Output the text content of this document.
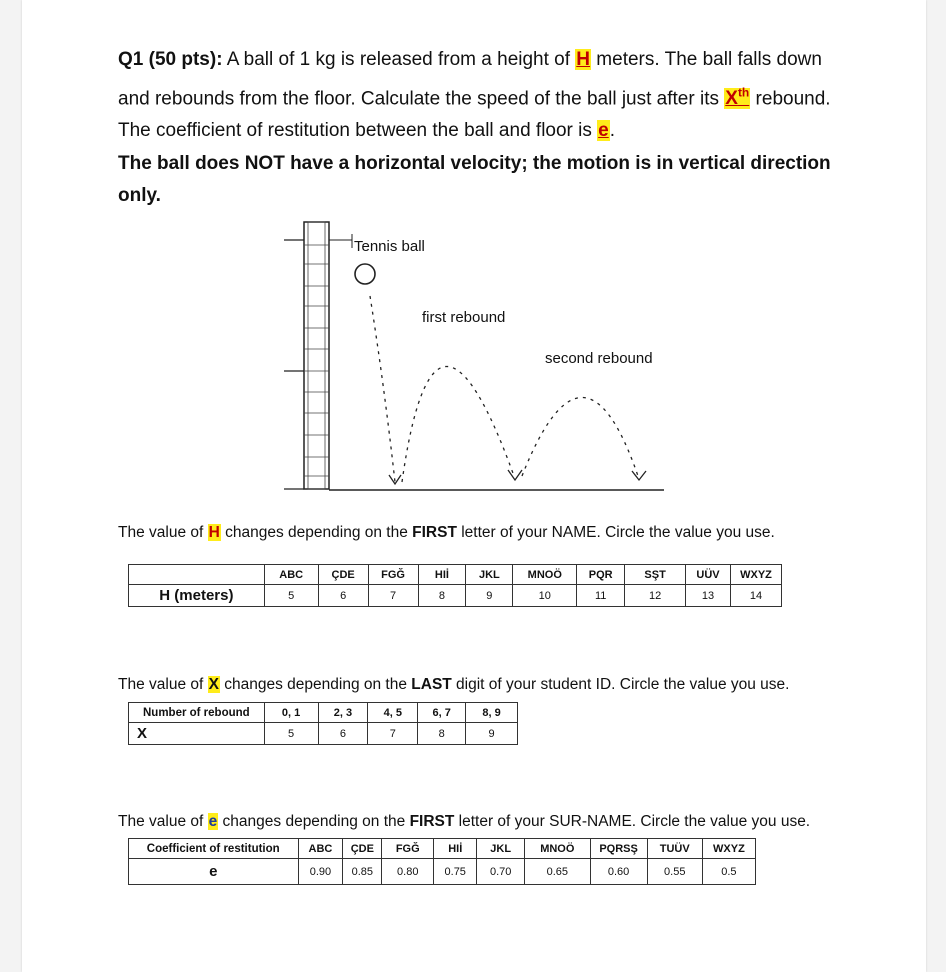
Q1 (50 pts): A ball of 1 kg is released from a height of H meters. The ball falls down and rebounds from the floor. Calculate the speed of the ball just after its Xth rebound. The coefficient of restitution between the ball and floor is e.
The ball does NOT have a horizontal velocity; the motion is in vertical direction only.
Tennis ball
first rebound
second rebound
The value of H changes depending on the FIRST letter of your NAME. Circle the value you use.
	ABC	ÇDE	FGĞ	HIİ	JKL	MNOÖ	PQR	SŞT	UÜV	WXYZ
H (meters)	5	6	7	8	9	10	11	12	13	14
The value of X changes depending on the LAST digit of your student ID. Circle the value you use.
Number of rebound	0, 1	2, 3	4, 5	6, 7	8, 9
X	5	6	7	8	9
The value of e changes depending on the FIRST letter of your SUR-NAME. Circle the value you use.
Coefficient of restitution	ABC	ÇDE	FGĞ	HIİ	JKL	MNOÖ	PQRSŞ	TUÜV	WXYZ
e	0.90	0.85	0.80	0.75	0.70	0.65	0.60	0.55	0.5
